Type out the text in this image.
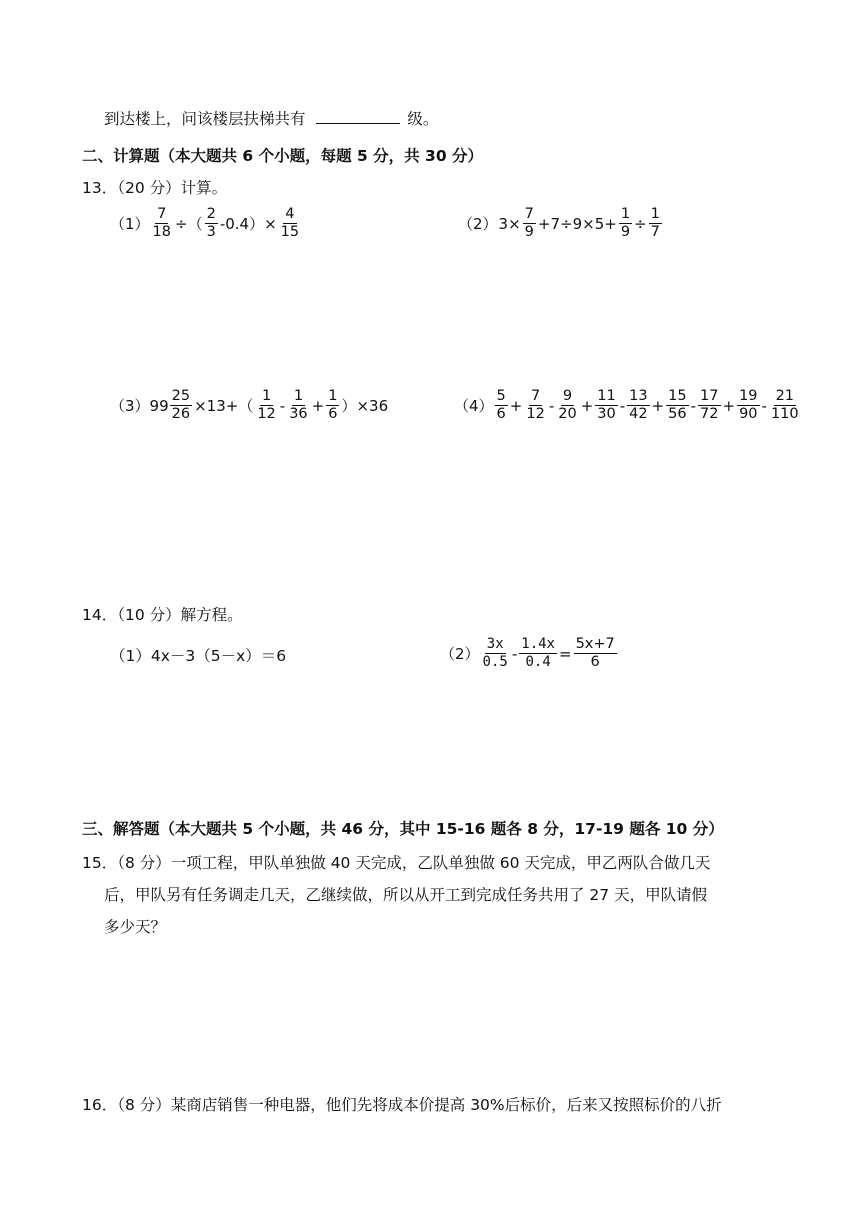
到达楼上，问该楼层扶梯共有	级。
二、计算题（本大题共 6 个小题，每题 5 分，共 30 分）
13．（20 分）计算。
$(1) \frac{7}{18}$ ÷（ $\frac{2}{3} -0.4)\times \frac{4}{15}$	（2） $3\times \frac{7}{9} +7\div 9\times 5+ \frac{1}{9} \div \frac{1}{7}$
（3） $99 \frac{25}{26} \times 13+( \frac{1}{12} - \frac{1}{36} + \frac{1}{6} )\times 36$	$(4) \frac{5}{6} + \frac{7}{12} - \frac{9}{20} + \frac{11}{30} - \frac{13}{42} + \frac{15}{56} - \frac{17}{72} + \frac{19}{90} - \frac{21}{110}$
14．（10 分）解方程。
（1）4x－3（5－x）＝6	$(2) \frac{3x}{0.5} - \frac{1.4x}{0.4} = \frac{5x+7}{6}$
三、解答题（本大题共 5 个小题，共 46 分，其中 15-16 题各 8 分，17-19 题各 10 分）
15．（8 分）一项工程，甲队单独做 40 天完成，乙队单独做 60 天完成，甲乙两队合做几天
后，甲队另有任务调走几天，乙继续做，所以从开工到完成任务共用了 27 天，甲队请假
多少天？
16．（8 分）某商店销售一种电器，他们先将成本价提高 30%后标价，后来又按照标价的八折
